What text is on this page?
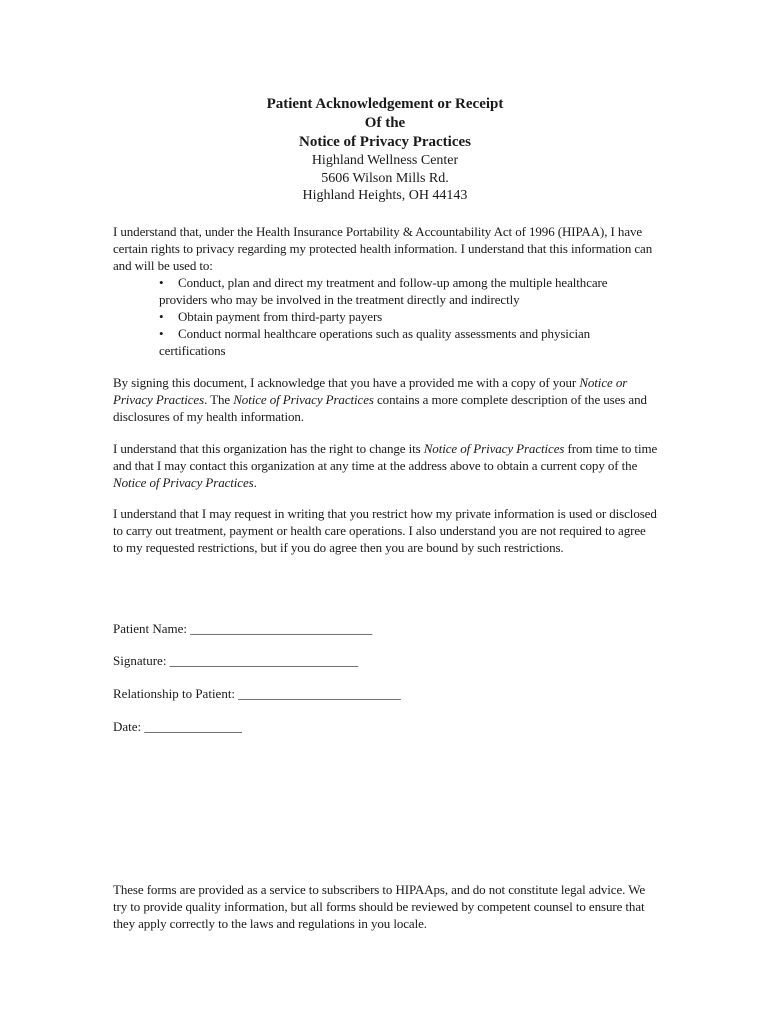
Patient Acknowledgement or Receipt
Of the
Notice of Privacy Practices
Highland Wellness Center
5606 Wilson Mills Rd.
Highland Heights, OH 44143

I understand that, under the Health Insurance Portability & Accountability Act of 1996 (HIPAA), I have certain rights to privacy regarding my protected health information. I understand that this information can and will be used to:

•	Conduct, plan and direct my treatment and follow-up among the multiple healthcare providers who may be involved in the treatment directly and indirectly
•	Obtain payment from third-party payers
•	Conduct normal healthcare operations such as quality assessments and physician certifications

By signing this document, I acknowledge that you have a provided me with a copy of your Notice or Privacy Practices. The Notice of Privacy Practices contains a more complete description of the uses and disclosures of my health information.

I understand that this organization has the right to change its Notice of Privacy Practices from time to time and that I may contact this organization at any time at the address above to obtain a current copy of the Notice of Privacy Practices.

I understand that I may request in writing that you restrict how my private information is used or disclosed to carry out treatment, payment or health care operations. I also understand you are not required to agree to my requested restrictions, but if you do agree then you are bound by such restrictions.

Patient Name: ____________________________
Signature: _____________________________
Relationship to Patient: _________________________
Date: _______________

These forms are provided as a service to subscribers to HIPAAps, and do not constitute legal advice. We try to provide quality information, but all forms should be reviewed by competent counsel to ensure that they apply correctly to the laws and regulations in you locale.
